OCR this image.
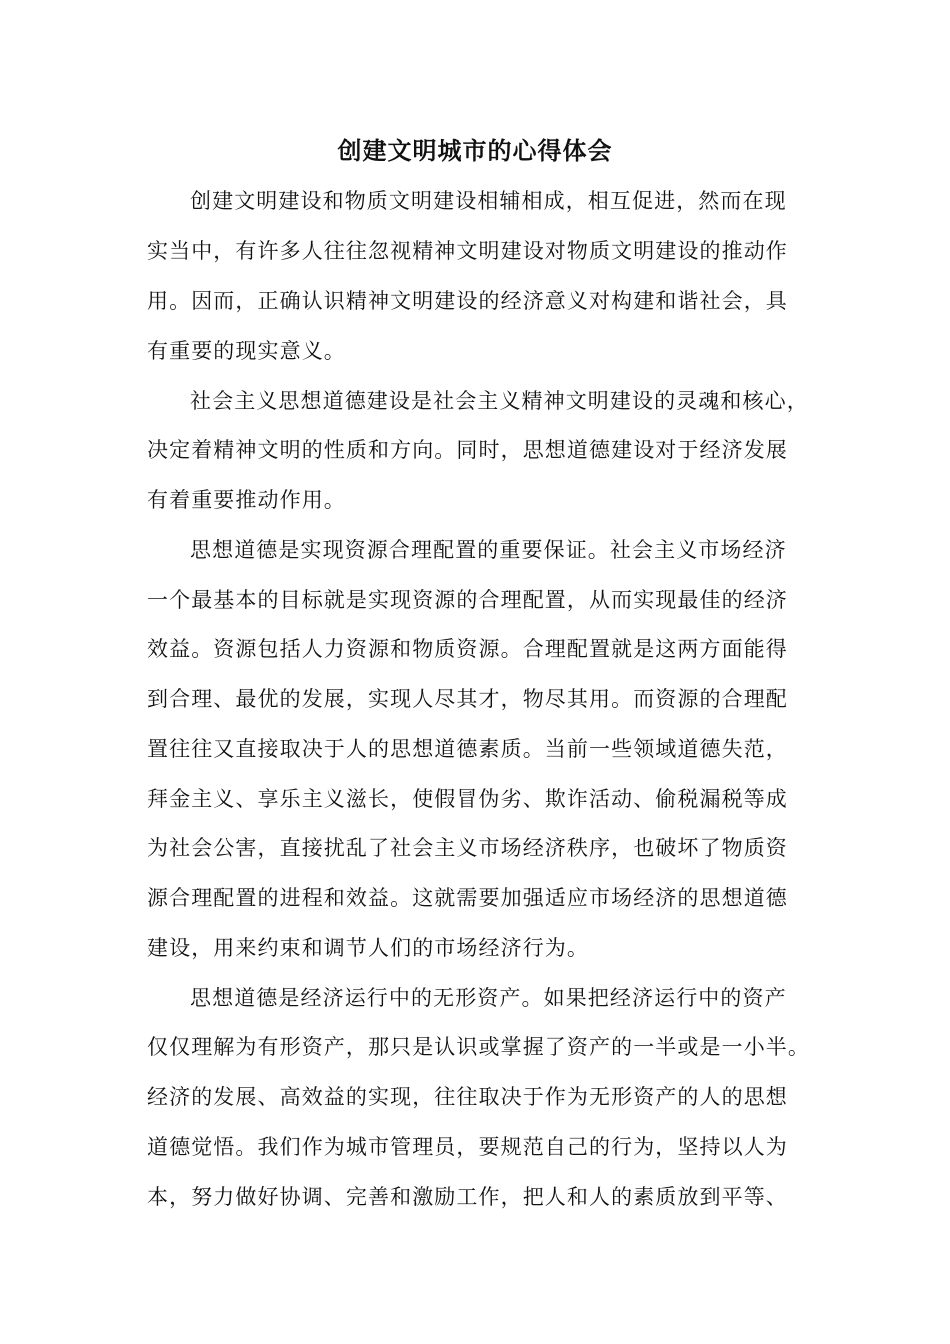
创建文明城市的心得体会
创建文明建设和物质文明建设相辅相成，相互促进，然而在现
实当中，有许多人往往忽视精神文明建设对物质文明建设的推动作
用。因而，正确认识精神文明建设的经济意义对构建和谐社会，具
有重要的现实意义。
社会主义思想道德建设是社会主义精神文明建设的灵魂和核心，
决定着精神文明的性质和方向。同时，思想道德建设对于经济发展
有着重要推动作用。
思想道德是实现资源合理配置的重要保证。社会主义市场经济
一个最基本的目标就是实现资源的合理配置，从而实现最佳的经济
效益。资源包括人力资源和物质资源。合理配置就是这两方面能得
到合理、最优的发展，实现人尽其才，物尽其用。而资源的合理配
置往往又直接取决于人的思想道德素质。当前一些领域道德失范，
拜金主义、享乐主义滋长，使假冒伪劣、欺诈活动、偷税漏税等成
为社会公害，直接扰乱了社会主义市场经济秩序，也破坏了物质资
源合理配置的进程和效益。这就需要加强适应市场经济的思想道德
建设，用来约束和调节人们的市场经济行为。
思想道德是经济运行中的无形资产。如果把经济运行中的资产
仅仅理解为有形资产，那只是认识或掌握了资产的一半或是一小半。
经济的发展、高效益的实现，往往取决于作为无形资产的人的思想
道德觉悟。我们作为城市管理员，要规范自己的行为，坚持以人为
本，努力做好协调、完善和激励工作，把人和人的素质放到平等、
